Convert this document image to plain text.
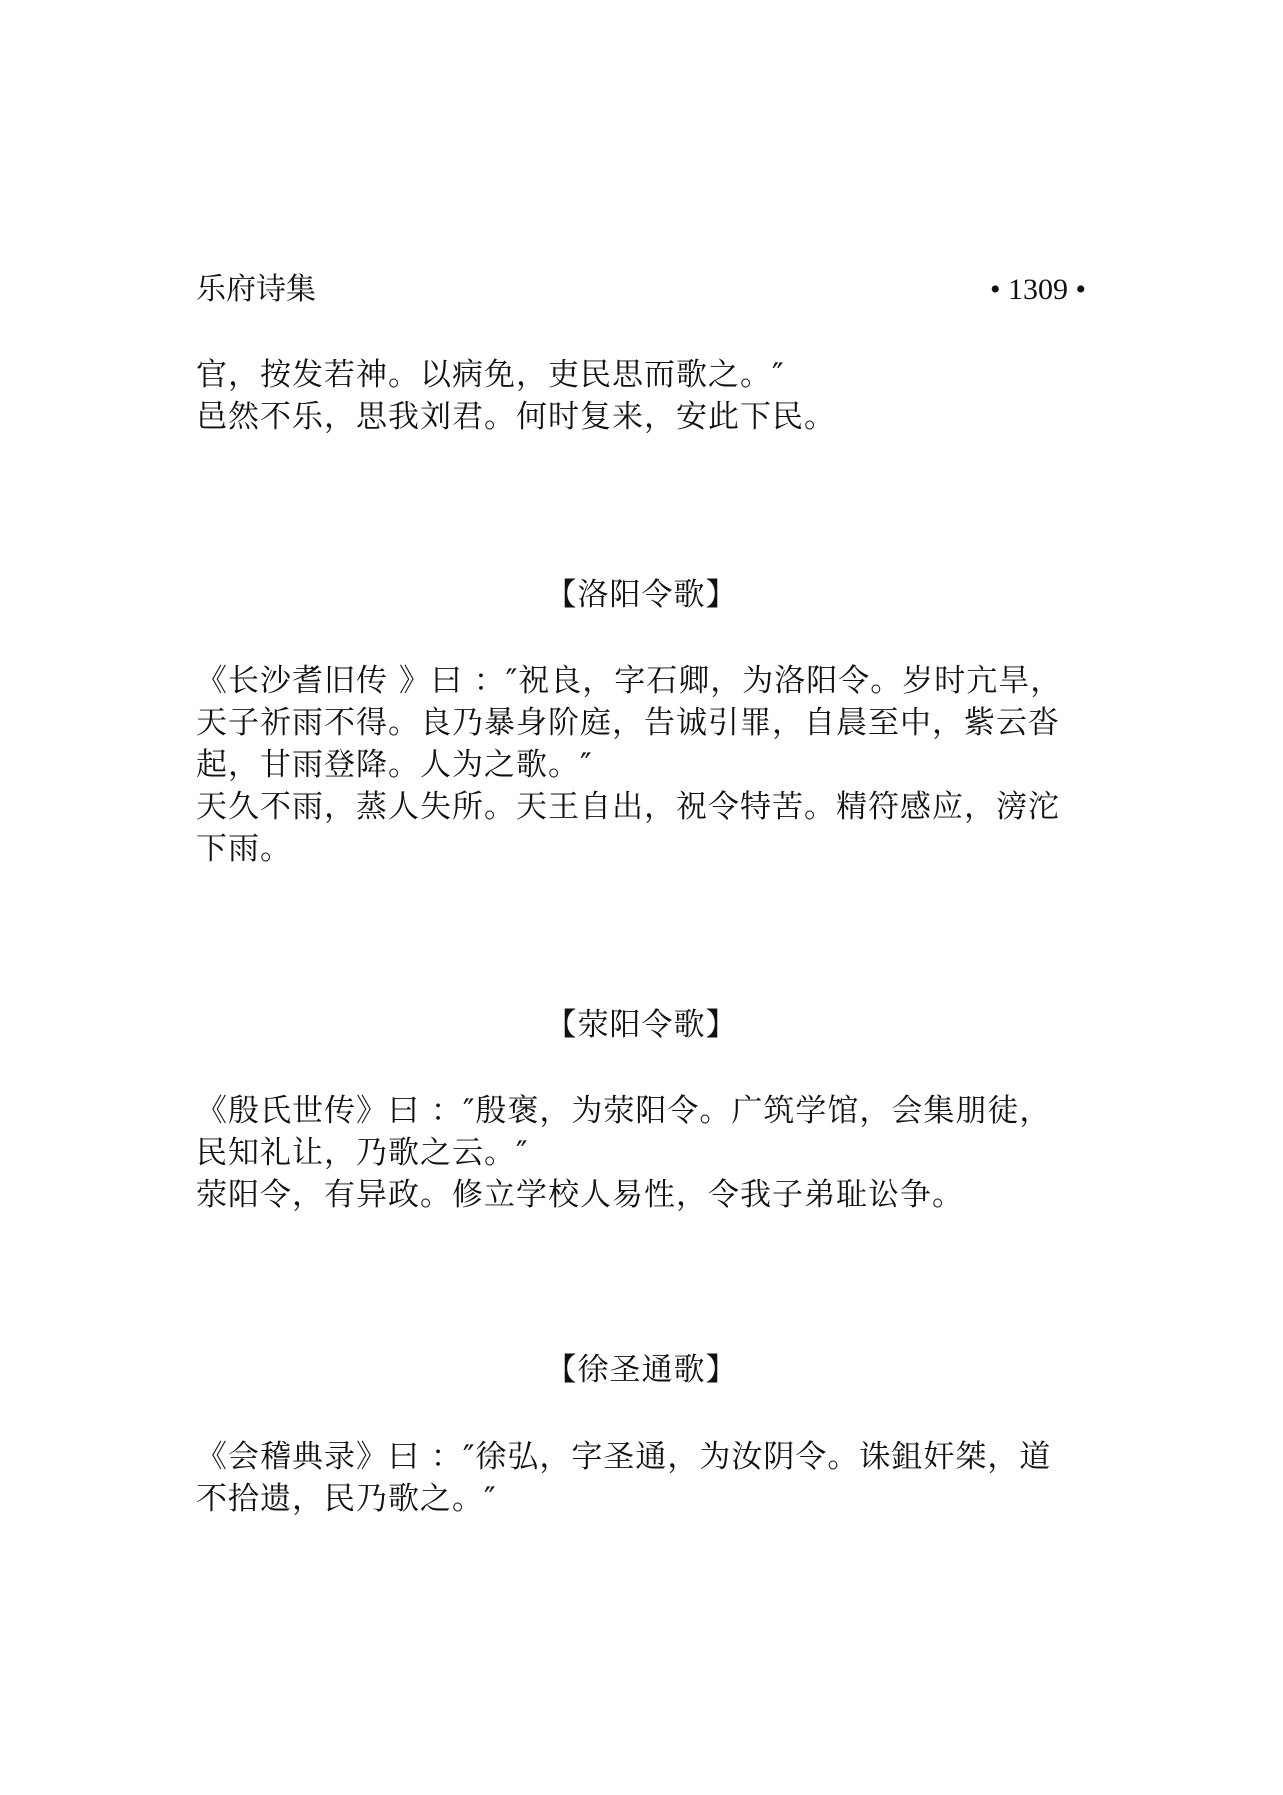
乐府诗集	• 1309 •

官，按发若神。以病免，吏民思而歌之。″

邑然不乐，思我刘君。何时复来，安此下民。

【洛阳令歌】

《长沙耆旧传 》曰 ：″祝良，字石卿，为洛阳令。岁时亢旱，

天子祈雨不得。良乃暴身阶庭，告诚引罪，自晨至中，紫云沓

起，甘雨登降。人为之歌。″

天久不雨，蒸人失所。天王自出，祝令特苦。精符感应，滂沱

下雨。

【荥阳令歌】

《殷氏世传》曰 ：″殷褒，为荥阳令。广筑学馆，会集朋徒，

民知礼让，乃歌之云。″

荥阳令，有异政。修立学校人易性，令我子弟耻讼争。

【徐圣通歌】

《会稽典录》曰 ：″徐弘，字圣通，为汝阴令。诛鉏奸桀，道

不拾遗，民乃歌之。″
